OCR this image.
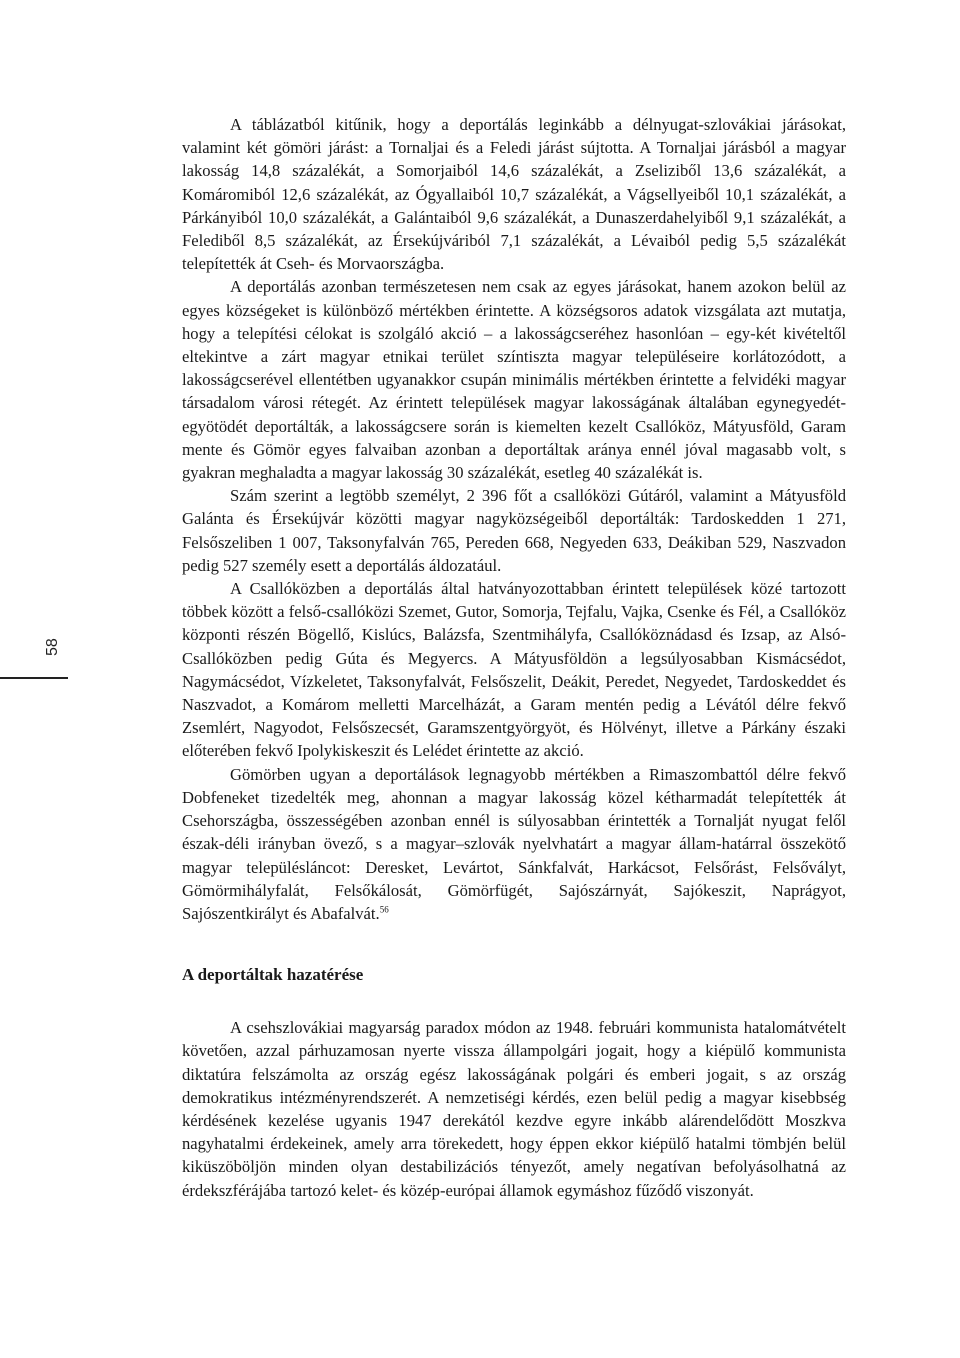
58

A táblázatból kitűnik, hogy a deportálás leginkább a délnyugat-szlovákiai járásokat, valamint két gömöri járást: a Tornaljai és a Feledi járást sújtotta. A Tornaljai járásból a magyar lakosság 14,8 százalékát, a Somorjaiból 14,6 százalékát, a Zseliziből 13,6 százalékát, a Komáromiból 12,6 százalékát, az Ógyallaiból 10,7 százalékát, a Vágsellyeiből 10,1 százalékát, a Párkányiból 10,0 százalékát, a Galántaiból 9,6 százalékát, a Dunaszerdahelyiből 9,1 százalékát, a Felediből 8,5 százalékát, az Érsekújváriból 7,1 százalékát, a Lévaiból pedig 5,5 százalékát telepítették át Cseh- és Morvaországba.

A deportálás azonban természetesen nem csak az egyes járásokat, hanem azokon belül az egyes községeket is különböző mértékben érintette. A községsoros adatok vizsgálata azt mutatja, hogy a telepítési célokat is szolgáló akció – a lakosságcseréhez hasonlóan – egy-két kivételtől eltekintve a zárt magyar etnikai terület színtiszta magyar településeire korlátozódott, a lakosságcserével ellentétben ugyanakkor csupán minimális mértékben érintette a felvidéki magyar társadalom városi rétegét. Az érintett települések magyar lakosságának általában egynegyedét-egyötödét deportálták, a lakosságcsere során is kiemelten kezelt Csallóköz, Mátyusföld, Garam mente és Gömör egyes falvaiban azonban a deportáltak aránya ennél jóval magasabb volt, s gyakran meghaladta a magyar lakosság 30 százalékát, esetleg 40 százalékát is.

Szám szerint a legtöbb személyt, 2 396 főt a csallóközi Gútáról, valamint a Mátyusföld Galánta és Érsekújvár közötti magyar nagyközségeiből deportálták: Tardoskedden 1 271, Felsőszeliben 1 007, Taksonyfalván 765, Pereden 668, Negyeden 633, Deákiban 529, Naszvadon pedig 527 személy esett a deportálás áldozatául.

A Csallóközben a deportálás által hatványozottabban érintett települések közé tartozott többek között a felső-csallóközi Szemet, Gutor, Somorja, Tejfalu, Vajka, Csenke és Fél, a Csallóköz központi részén Bögellő, Kislúcs, Balázsfa, Szentmihályfa, Csallóköznádasd és Izsap, az Alsó-Csallóközben pedig Gúta és Megyercs. A Mátyusföldön a legsúlyosabban Kismácsédot, Nagymácsédot, Vízkeletet, Taksonyfalvát, Felsőszelit, Deákit, Peredet, Negyedet, Tardoskeddet és Naszvadot, a Komárom melletti Marcelházát, a Garam mentén pedig a Lévától délre fekvő Zsemlért, Nagyodot, Felsőszecsét, Garamszentgyörgyöt, és Hölvényt, illetve a Párkány északi előterében fekvő Ipolykiskeszit és Lelédet érintette az akció.

Gömörben ugyan a deportálások legnagyobb mértékben a Rimaszombattól délre fekvő Dobfeneket tizedelték meg, ahonnan a magyar lakosság közel kétharmadát telepítették át Csehországba, összességében azonban ennél is súlyosabban érintették a Tornalját nyugat felől észak-déli irányban övező, s a magyar–szlovák nyelvhatárt a magyar állam-határral összekötő magyar településláncot: Deresket, Levártot, Sánkfalvát, Harkácsot, Felsőrást, Felsővályt, Gömörmihályfalát, Felsőkálosát, Gömörfügét, Sajószárnyát, Sajókeszit, Naprágyot, Sajószentkirályt és Abafalvát.$^{56}$

A deportáltak hazatérése

A csehszlovákiai magyarság paradox módon az 1948. februári kommunista hatalomátvételt követően, azzal párhuzamosan nyerte vissza állampolgári jogait, hogy a kiépülő kommunista diktatúra felszámolta az ország egész lakosságának polgári és emberi jogait, s az ország demokratikus intézményrendszerét. A nemzetiségi kérdés, ezen belül pedig a magyar kisebbség kérdésének kezelése ugyanis 1947 derekától kezdve egyre inkább alárendelődött Moszkva nagyhatalmi érdekeinek, amely arra törekedett, hogy éppen ekkor kiépülő hatalmi tömbjén belül kiküszöböljön minden olyan destabilizációs tényezőt, amely negatívan befolyásolhatná az érdekszférájába tartozó kelet- és közép-európai államok egymáshoz fűződő viszonyát.
